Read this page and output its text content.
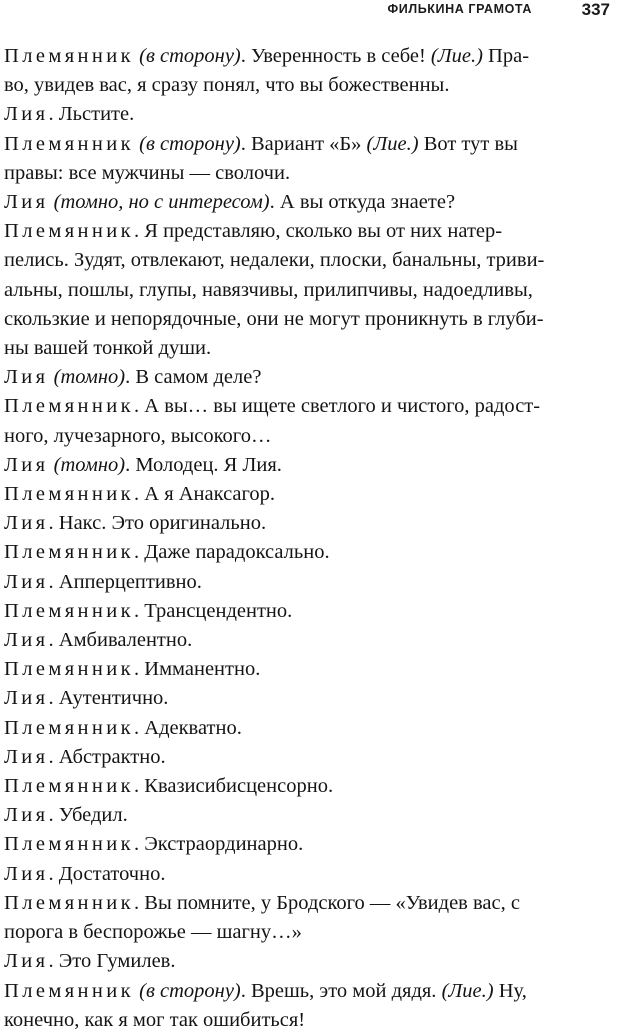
ФИЛЬКИНА ГРАМОТА	337

Племянник (в сторону). Уверенность в себе! (Лие.) Пра-

во, увидев вас, я сразу понял, что вы божественны.

Лия. Льстите.

Племянник (в сторону). Вариант «Б» (Лие.) Вот тут вы

правы: все мужчины — сволочи.

Лия (томно, но с интересом). А вы откуда знаете?

Племянник. Я представляю, сколько вы от них натер-

пелись. Зудят, отвлекают, недалеки, плоски, банальны, триви-

альны, пошлы, глупы, навязчивы, прилипчивы, надоедливы,

скользкие и непорядочные, они не могут проникнуть в глуби-

ны вашей тонкой души.

Лия (томно). В самом деле?

Племянник. А вы… вы ищете светлого и чистого, радост-

ного, лучезарного, высокого…

Лия (томно). Молодец. Я Лия.

Племянник. А я Анаксагор.

Лия. Накс. Это оригинально.

Племянник. Даже парадоксально.

Лия. Апперцептивно.

Племянник. Трансцендентно.

Лия. Амбивалентно.

Племянник. Имманентно.

Лия. Аутентично.

Племянник. Адекватно.

Лия. Абстрактно.

Племянник. Квазисибисценсорно.

Лия. Убедил.

Племянник. Экстраординарно.

Лия. Достаточно.

Племянник. Вы помните, у Бродского — «Увидев вас, с

порога в беспорожье — шагну…»

Лия. Это Гумилев.

Племянник (в сторону). Врешь, это мой дядя. (Лие.) Ну,

конечно, как я мог так ошибиться!
